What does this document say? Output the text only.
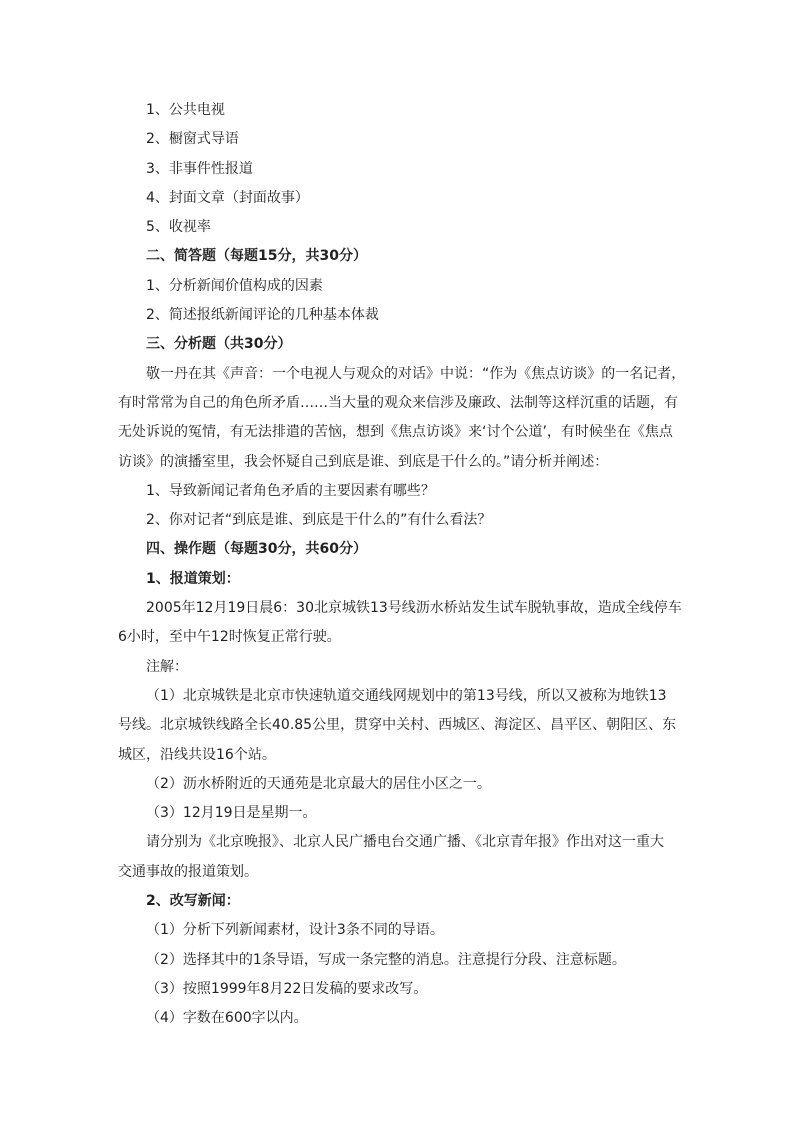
1、公共电视
2、橱窗式导语
3、非事件性报道
4、封面文章（封面故事）
5、收视率
二、简答题（每题15分，共30分）
1、分析新闻价值构成的因素
2、简述报纸新闻评论的几种基本体裁
三、分析题（共30分）
敬一丹在其《声音：一个电视人与观众的对话》中说：“作为《焦点访谈》的一名记者，
有时常常为自己的角色所矛盾……当大量的观众来信涉及廉政、法制等这样沉重的话题，有
无处诉说的冤情，有无法排遣的苦恼，想到《焦点访谈》来‘讨个公道’，有时候坐在《焦点
访谈》的演播室里，我会怀疑自己到底是谁、到底是干什么的。”请分析并阐述：
1、导致新闻记者角色矛盾的主要因素有哪些？
2、你对记者“到底是谁、到底是干什么的”有什么看法？
四、操作题（每题30分，共60分）
1、报道策划：
2005年12月19日晨6：30北京城铁13号线沥水桥站发生试车脱轨事故，造成全线停车
6小时，至中午12时恢复正常行驶。
注解：
（1）北京城铁是北京市快速轨道交通线网规划中的第13号线，所以又被称为地铁13
号线。北京城铁线路全长40.85公里，贯穿中关村、西城区、海淀区、昌平区、朝阳区、东
城区，沿线共设16个站。
（2）沥水桥附近的天通苑是北京最大的居住小区之一。
（3）12月19日是星期一。
请分别为《北京晚报》、北京人民广播电台交通广播、《北京青年报》作出对这一重大
交通事故的报道策划。
2、改写新闻：
（1）分析下列新闻素材，设计3条不同的导语。
（2）选择其中的1条导语，写成一条完整的消息。注意提行分段、注意标题。
（3）按照1999年8月22日发稿的要求改写。
（4）字数在600字以内。
